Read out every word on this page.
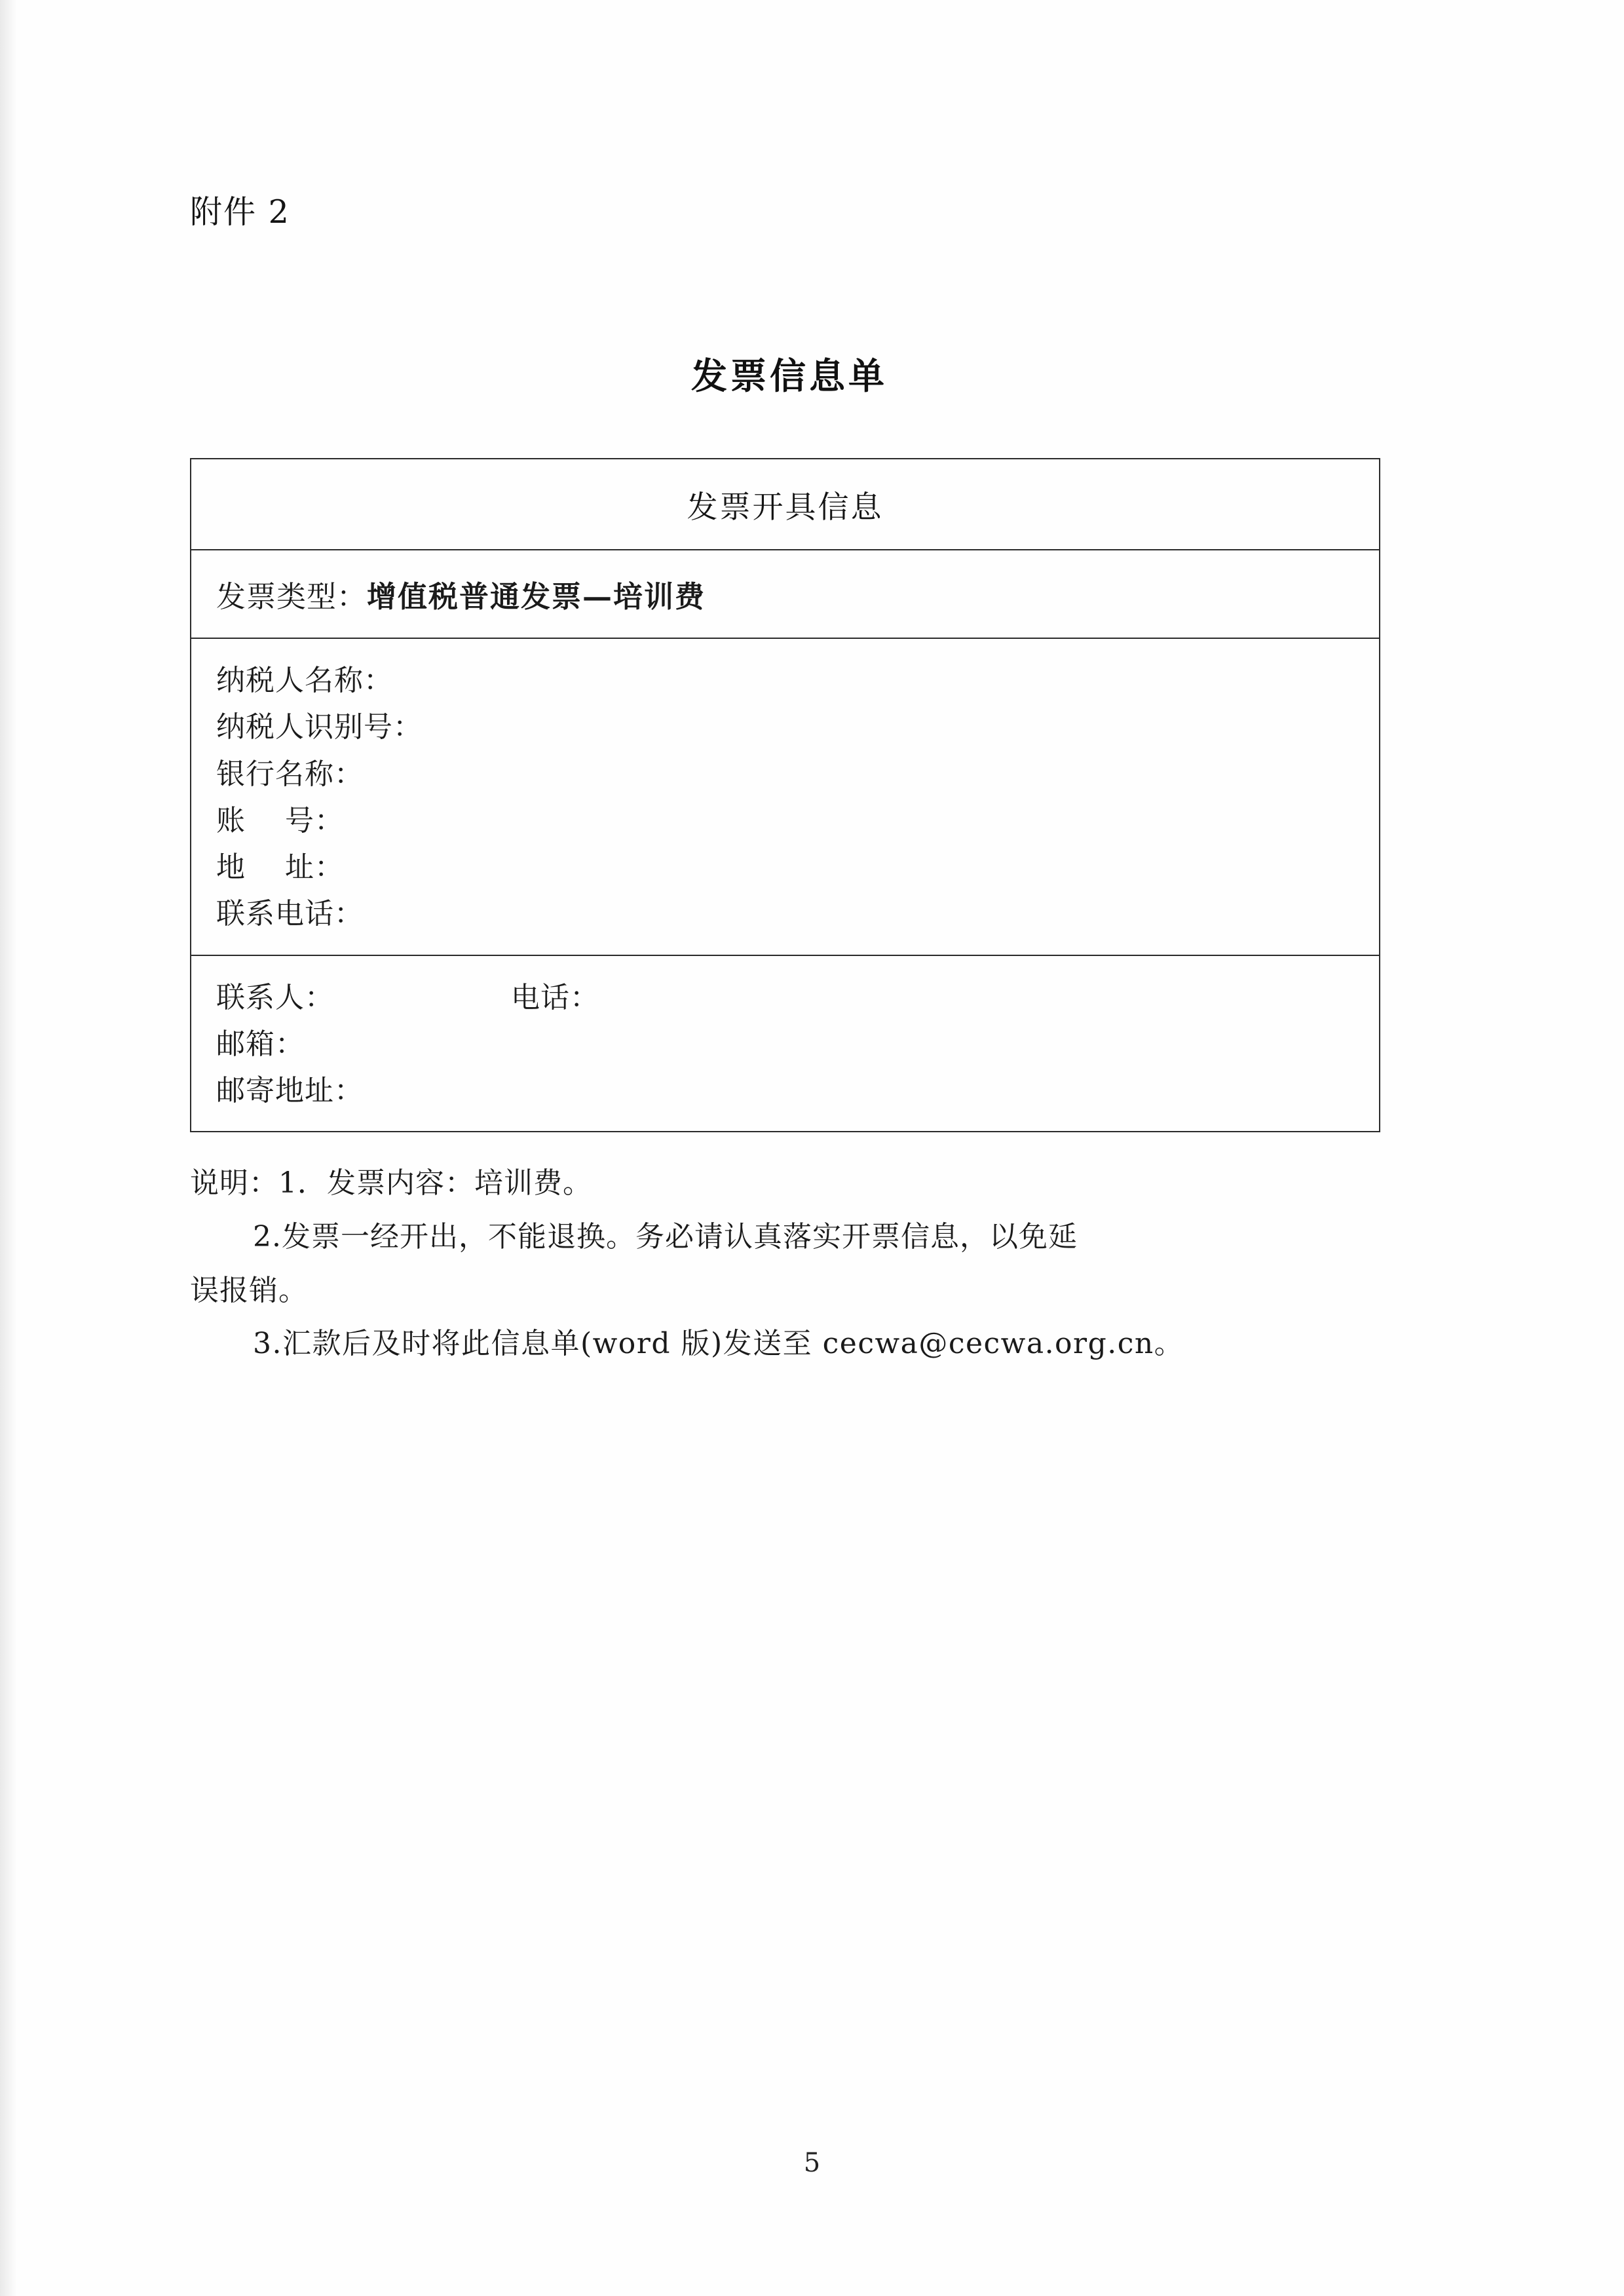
附件 2
发票信息单
发票开具信息
发票类型：增值税普通发票—培训费

纳税人名称：
纳税人识别号：
银行名称：
账    号：
地    址：
联系电话：

联系人：	电话：
邮箱：
邮寄地址：

说明：1．发票内容：培训费。

2.发票一经开出，不能退换。务必请认真落实开票信息，以免延

误报销。

3.汇款后及时将此信息单(word 版)发送至 cecwa@cecwa.org.cn。

5
